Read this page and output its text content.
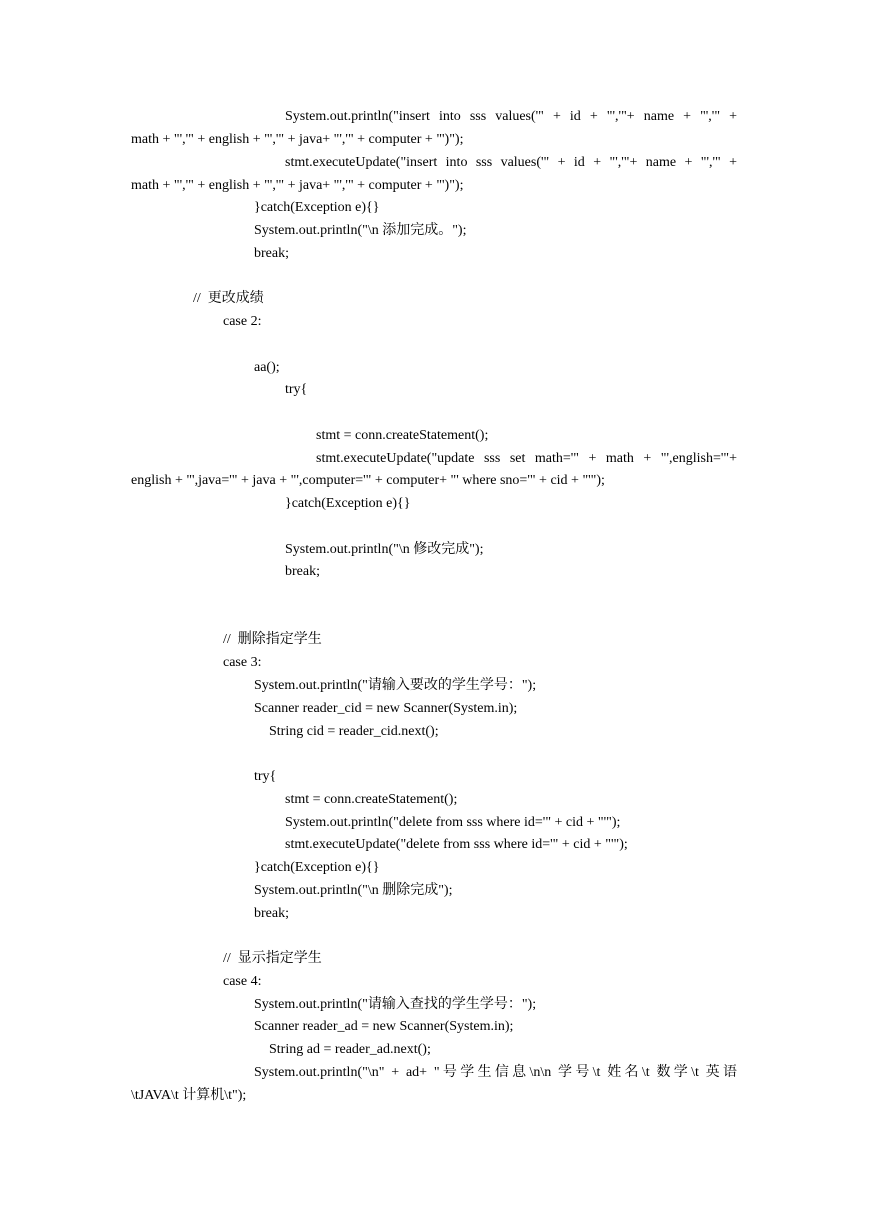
System.out.println("insert into sss values('" + id + "','"+ name + "','" +
math + "','" + english + "','" + java+ "','" + computer + "')");
stmt.executeUpdate("insert into sss values('" + id + "','"+ name + "','" +
math + "','" + english + "','" + java+ "','" + computer + "')");
}catch(Exception e){}
System.out.println("\n 添加完成。");
break;
//  更改成绩
case 2:
aa();
try{
stmt = conn.createStatement();
stmt.executeUpdate("update sss set math='" + math + "',english='"+
english + "',java='" + java + "',computer='" + computer+ "' where sno='" + cid + "'");
}catch(Exception e){}
System.out.println("\n 修改完成");
break;
//  删除指定学生
case 3:
System.out.println("请输入要改的学生学号：");
Scanner reader_cid = new Scanner(System.in);
String cid = reader_cid.next();
try{
stmt = conn.createStatement();
System.out.println("delete from sss where id='" + cid + "'");
stmt.executeUpdate("delete from sss where id='" + cid + "'");
}catch(Exception e){}
System.out.println("\n 删除完成");
break;
//  显示指定学生
case 4:
System.out.println("请输入查找的学生学号：");
Scanner reader_ad = new Scanner(System.in);
String ad = reader_ad.next();
System.out.println("\n" + ad+ "号学生信息\n\n 学号\t 姓名\t 数学\t 英语
\tJAVA\t 计算机\t");
